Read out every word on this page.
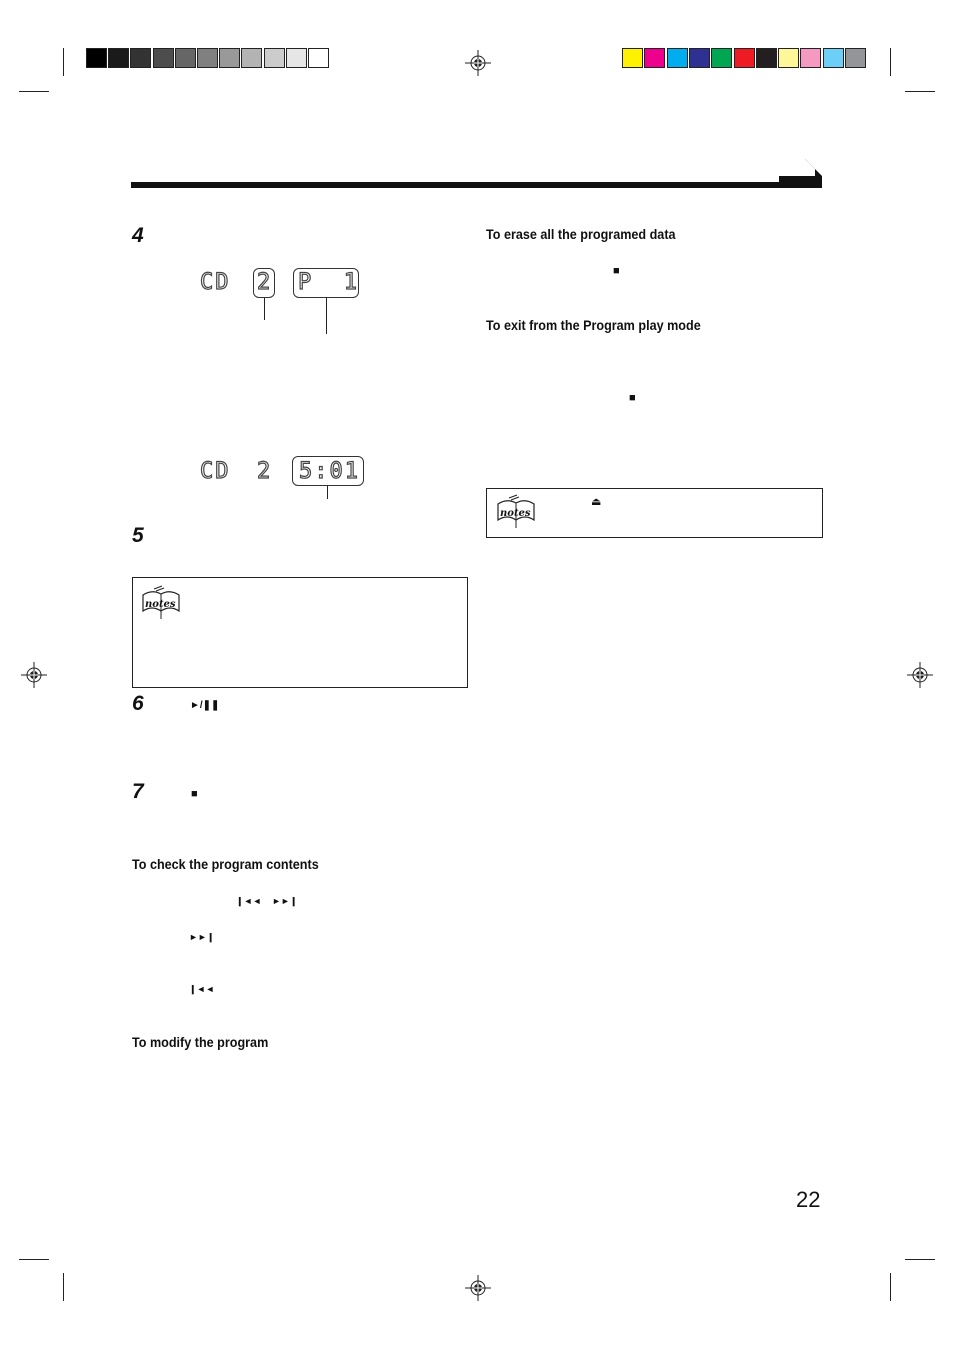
4
CD 2 P  1
CD 2 5:01
5
notes
6	►/❚❚
7	■
To check the program contents
❙◄◄ ►►❙
►►❙
❙◄◄
To modify the program
To erase all the programed data
■
To exit from the Program play mode
■
notes
⏏
22
